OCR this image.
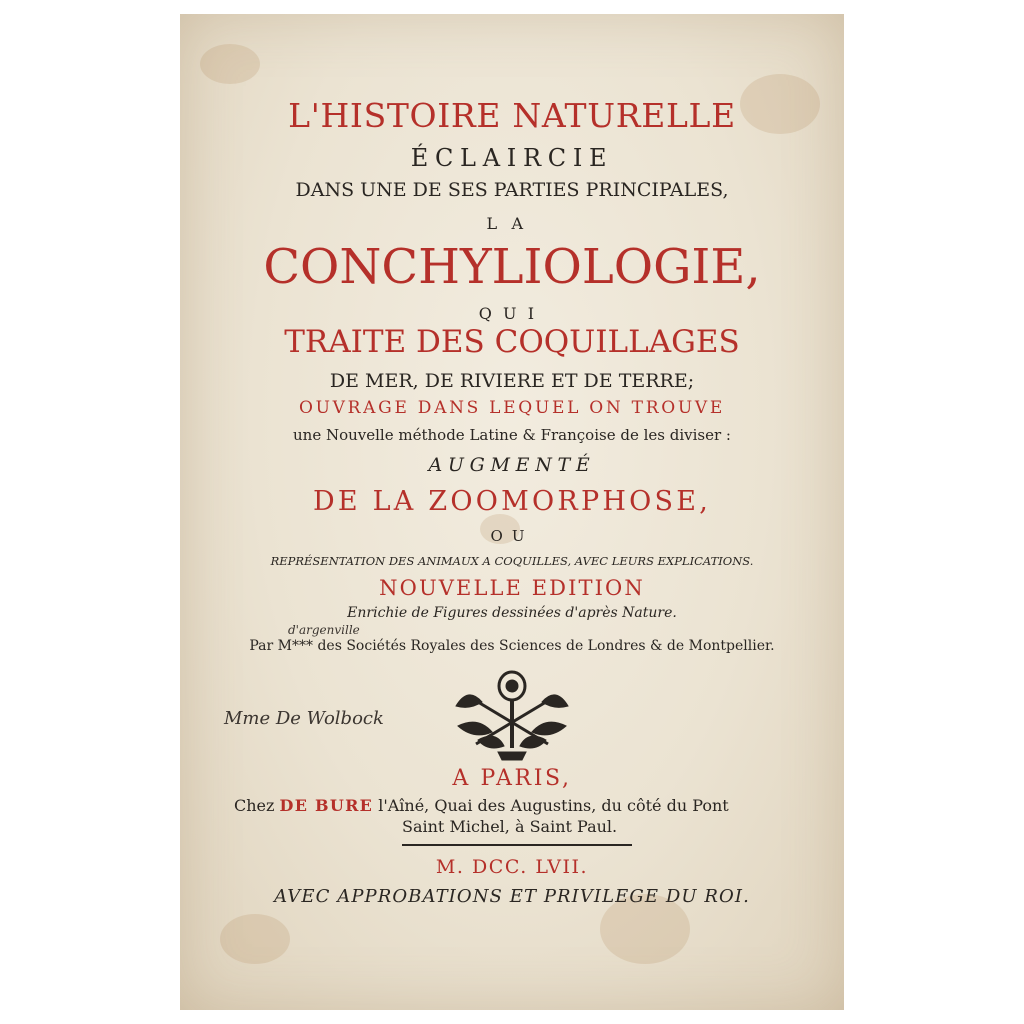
L'HISTOIRE NATURELLE
ÉCLAIRCIE
DANS UNE DE SES PARTIES PRINCIPALES,
LA
CONCHYLIOLOGIE,
QUI
TRAITE DES COQUILLAGES
DE MER, DE RIVIERE ET DE TERRE;
OUVRAGE DANS LEQUEL ON TROUVE
une Nouvelle méthode Latine & Françoise de les diviser :
AUGMENTÉ
DE LA ZOOMORPHOSE,
OU
REPRÉSENTATION DES ANIMAUX A COQUILLES, AVEC LEURS EXPLICATIONS.
NOUVELLE EDITION
Enrichie de Figures dessinées d'après Nature.
d'argenville
Par M*** des Sociétés Royales des Sciences de Londres & de Montpellier.
Mme De Wolbock
A PARIS,
Chez DE BURE l'Aîné, Quai des Augustins, du côté du Pont
Saint Michel, à Saint Paul.
M. DCC. LVII.
AVEC APPROBATIONS ET PRIVILEGE DU ROI.
